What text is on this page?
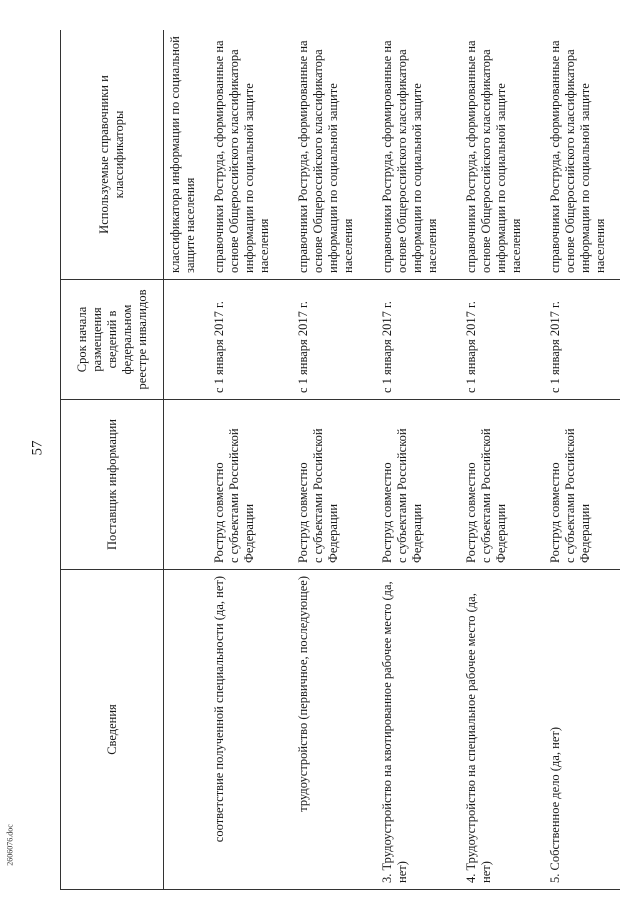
57
2606076.doc
Сведения	Поставщик информации	Срок начала размещения сведений в федеральном реестре инвалидов	Используемые справочники и классификаторы

		классификатора информации по социальной защите населения
соответствие полученной специальности (да, нет)	Роструд совместно
с субъектами Российской Федерации	с 1 января 2017 г.	справочники Роструда, сформированные на основе Общероссийского классификатора информации по социальной защите населения
трудоустройство (первичное, последующее)	Роструд совместно
с субъектами Российской Федерации	с 1 января 2017 г.	справочники Роструда, сформированные на основе Общероссийского классификатора информации по социальной защите населения
3. Трудоустройство на квотированное рабочее место (да, нет)	Роструд совместно
с субъектами Российской Федерации	с 1 января 2017 г.	справочники Роструда, сформированные на основе Общероссийского классификатора информации по социальной защите населения
4. Трудоустройство на специальное рабочее место (да, нет)	Роструд совместно
с субъектами Российской Федерации	с 1 января 2017 г.	справочники Роструда, сформированные на основе Общероссийского классификатора информации по социальной защите населения
5. Собственное дело (да, нет)	Роструд совместно
с субъектами Российской Федерации	с 1 января 2017 г.	справочники Роструда, сформированные на основе Общероссийского классификатора информации по социальной защите населения
